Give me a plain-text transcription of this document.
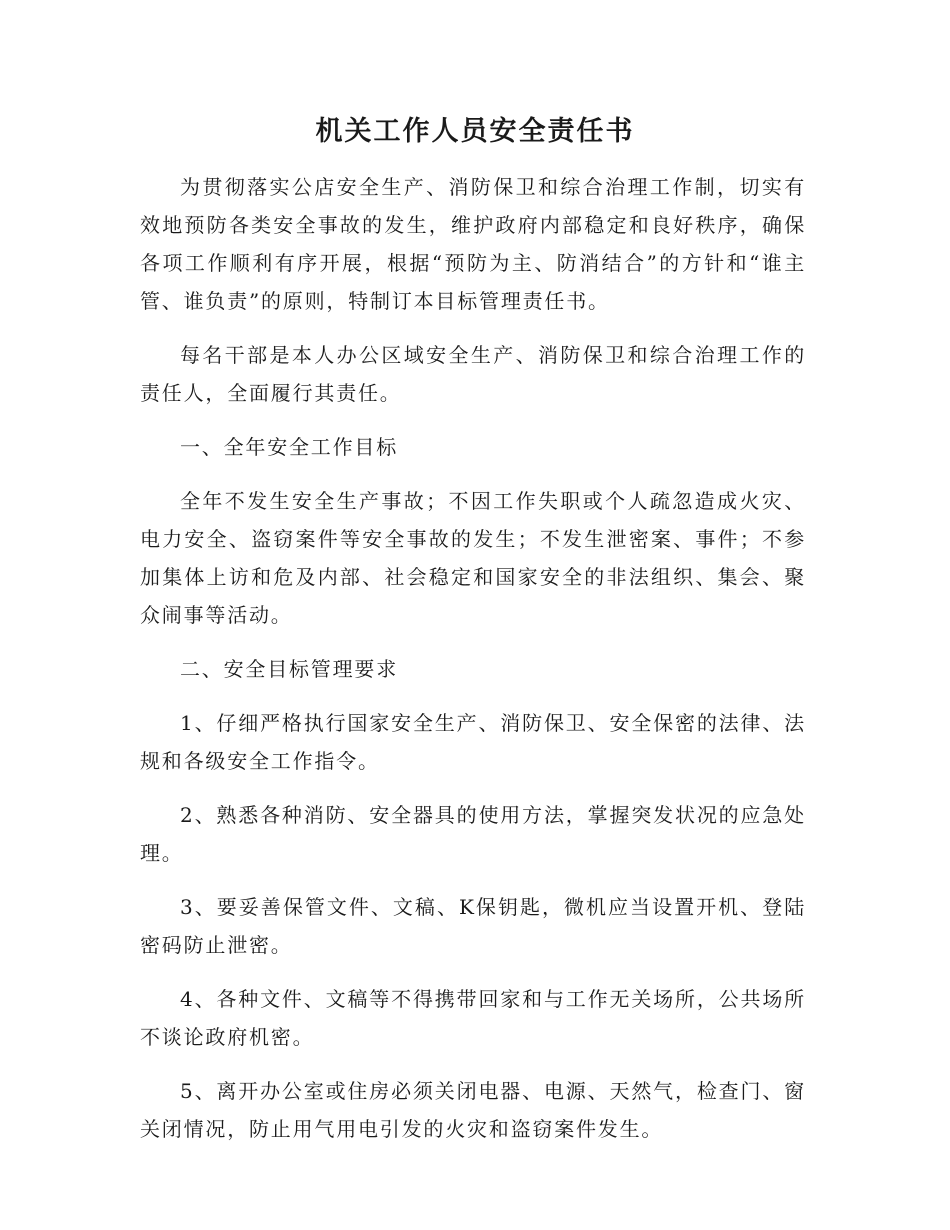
机关工作人员安全责任书

为贯彻落实公店安全生产、消防保卫和综合治理工作制，切实有效地预防各类安全事故的发生，维护政府内部稳定和良好秩序，确保各项工作顺利有序开展，根据“预防为主、防消结合”的方针和“谁主管、谁负责”的原则，特制订本目标管理责任书。

每名干部是本人办公区域安全生产、消防保卫和综合治理工作的责任人，全面履行其责任。

一、全年安全工作目标

全年不发生安全生产事故；不因工作失职或个人疏忽造成火灾、电力安全、盗窃案件等安全事故的发生；不发生泄密案、事件；不参加集体上访和危及内部、社会稳定和国家安全的非法组织、集会、聚众闹事等活动。

二、安全目标管理要求

1、仔细严格执行国家安全生产、消防保卫、安全保密的法律、法规和各级安全工作指令。

2、熟悉各种消防、安全器具的使用方法，掌握突发状况的应急处理。

3、要妥善保管文件、文稿、K保钥匙，微机应当设置开机、登陆密码防止泄密。

4、各种文件、文稿等不得携带回家和与工作无关场所，公共场所不谈论政府机密。

5、离开办公室或住房必须关闭电器、电源、天然气，检查门、窗关闭情况，防止用气用电引发的火灾和盗窃案件发生。
